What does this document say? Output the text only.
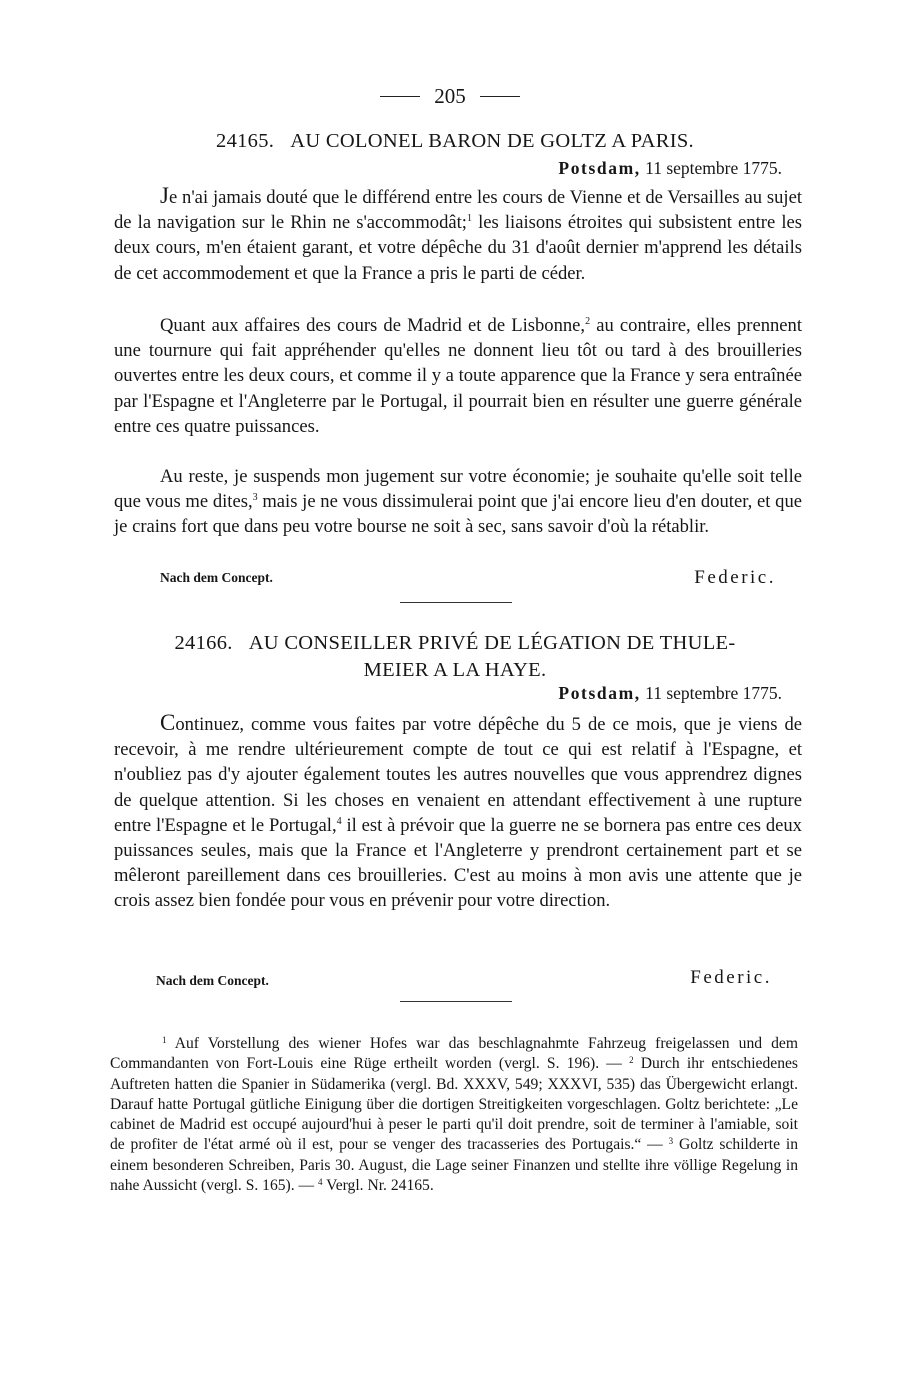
205
24165. AU COLONEL BARON DE GOLTZ A PARIS.
Potsdam, 11 septembre 1775.

Je n'ai jamais douté que le différend entre les cours de Vienne et de Versailles au sujet de la navigation sur le Rhin ne s'accommodât;$^1$ les liaisons étroites qui subsistent entre les deux cours, m'en étaient garant, et votre dépêche du 31 d'août dernier m'apprend les détails de cet accommodement et que la France a pris le parti de céder.

Quant aux affaires des cours de Madrid et de Lisbonne,$^2$ au contraire, elles prennent une tournure qui fait appréhender qu'elles ne donnent lieu tôt ou tard à des brouilleries ouvertes entre les deux cours, et comme il y a toute apparence que la France y sera entraînée par l'Espagne et l'Angleterre par le Portugal, il pourrait bien en résulter une guerre générale entre ces quatre puissances.

Au reste, je suspends mon jugement sur votre économie; je souhaite qu'elle soit telle que vous me dites,$^3$ mais je ne vous dissimulerai point que j'ai encore lieu d'en douter, et que je crains fort que dans peu votre bourse ne soit à sec, sans savoir d'où la rétablir.

Nach dem Concept.	Federic.
24166. AU CONSEILLER PRIVÉ DE LÉGATION DE THULE-
MEIER A LA HAYE.
Potsdam, 11 septembre 1775.

Continuez, comme vous faites par votre dépêche du 5 de ce mois, que je viens de recevoir, à me rendre ultérieurement compte de tout ce qui est relatif à l'Espagne, et n'oubliez pas d'y ajouter également toutes les autres nouvelles que vous apprendrez dignes de quelque attention. Si les choses en venaient en attendant effectivement à une rupture entre l'Espagne et le Portugal,$^4$ il est à prévoir que la guerre ne se bornera pas entre ces deux puissances seules, mais que la France et l'Angleterre y prendront certainement part et se mêleront pareillement dans ces brouilleries. C'est au moins à mon avis une attente que je crois assez bien fondée pour vous en prévenir pour votre direction.

Nach dem Concept.	Federic.

$^1$ Auf Vorstellung des wiener Hofes war das beschlagnahmte Fahrzeug freigelassen und dem Commandanten von Fort-Louis eine Rüge ertheilt worden (vergl. S. 196). — $^2$ Durch ihr entschiedenes Auftreten hatten die Spanier in Südamerika (vergl. Bd. XXXV, 549; XXXVI, 535) das Übergewicht erlangt. Darauf hatte Portugal gütliche Einigung über die dortigen Streitigkeiten vorgeschlagen. Goltz berichtete: „Le cabinet de Madrid est occupé aujourd'hui à peser le parti qu'il doit prendre, soit de terminer à l'amiable, soit de profiter de l'état armé où il est, pour se venger des tracasseries des Portugais.“ — $^3$ Goltz schilderte in einem besonderen Schreiben, Paris 30. August, die Lage seiner Finanzen und stellte ihre völlige Regelung in nahe Aussicht (vergl. S. 165). — $^4$ Vergl. Nr. 24165.
